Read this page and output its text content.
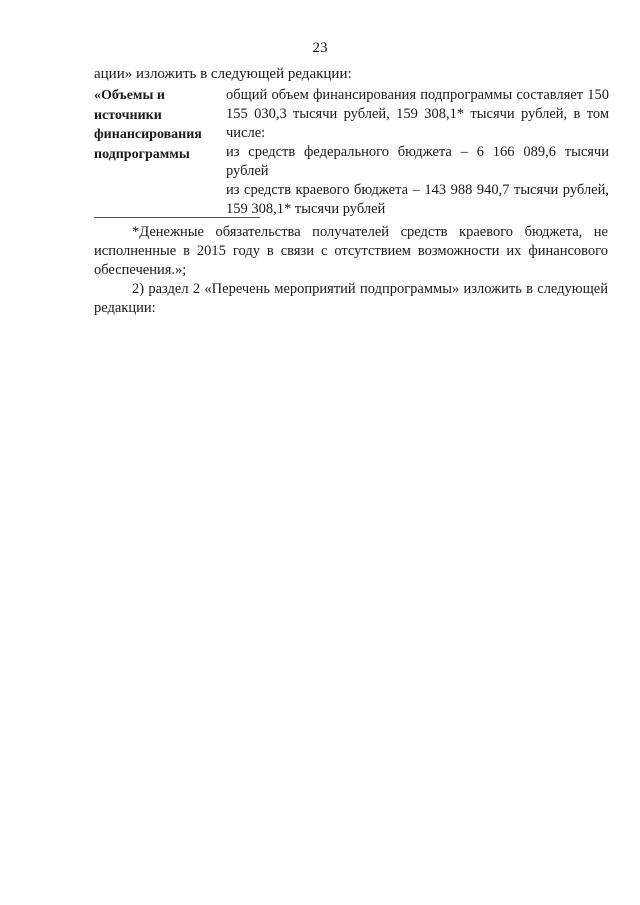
23
ации» изложить в следующей редакции:
«Объемы и
источники
финансирования
подпрограммы

общий объем финансирования подпрограммы составляет 150 155 030,3 тысячи рублей, 159 308,1* тысячи рублей, в том числе:

из средств федерального бюджета – 6 166 089,6 тысячи рублей

из средств краевого бюджета – 143 988 940,7 тысячи рублей, 159 308,1* тысячи рублей

*Денежные обязательства получателей средств краевого бюджета, не исполненные в 2015 году в связи с отсутствием возможности их финансового обеспечения.»;
2) раздел 2 «Перечень мероприятий подпрограммы» изложить в следующей редакции:
